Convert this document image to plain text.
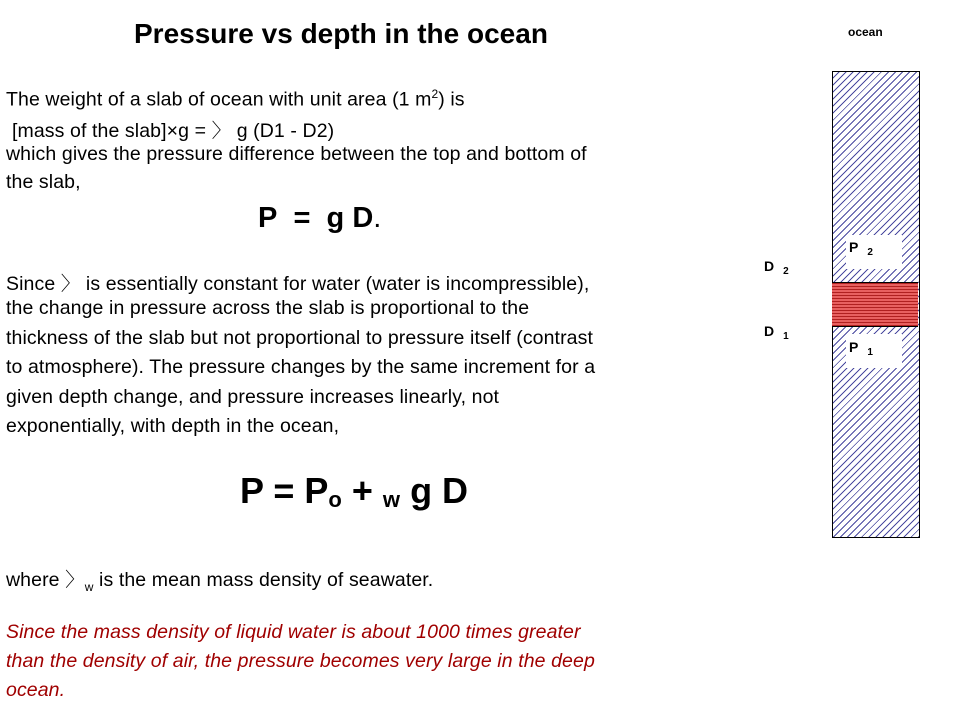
Pressure vs depth in the ocean
The weight of a slab of ocean with unit area (1 $m^2$) is
[mass of the slab]×g = 〉 g (D1 - D2)
which gives the pressure difference between the top and bottom of
the slab,
P = g D.
Since 〉 is essentially constant for water (water is incompressible),
the change in pressure across the slab is proportional to the
thickness of the slab but not proportional to pressure itself (contrast
to atmosphere). The pressure changes by the same increment for a
given depth change, and pressure increases linearly, not
exponentially, with depth in the ocean,
$P = P_o + _w$ g D
where 〉$_w$ is the mean mass density of seawater.
Since the mass density of liquid water is about 1000 times greater
than the density of air, the pressure becomes very large in the deep
ocean.
ocean
P $_2$
P $_1$
D $_2$
D $_1$
